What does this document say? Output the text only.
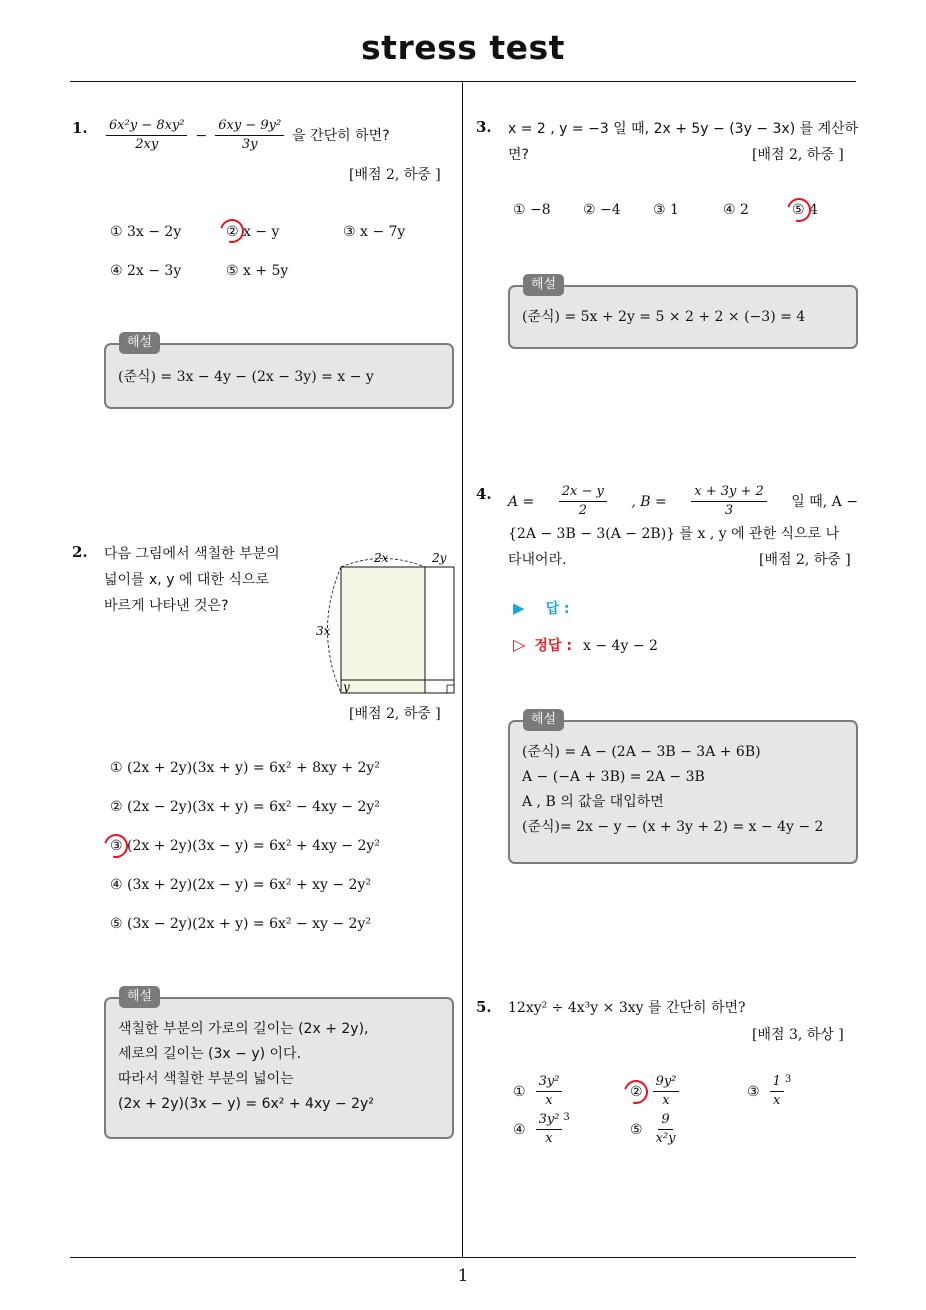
stress test
1
1. $\frac{\text{6x²y − 8xy²}}{2xy} - \frac{\text{6xy − 9y²}}{3y}$ 을 간단히 하면?
[배점 2, 하중 ]
① 3x − 2y	② x − y	③ x − 7y
④ 2x − 3y	⑤ x + 5y
(준식) = 3x − 4y − (2x − 3y) = x − y
해설
2. 다음 그림에서 색칠한 부분의
넓이를 x, y 에 대한 식으로
바르게 나타낸 것은?
2x	2y
3x
y
[배점 2, 하중 ]
① (2x + 2y)(3x + y) = 6x² + 8xy + 2y²
② (2x − 2y)(3x + y) = 6x² − 4xy − 2y²
③ (2x + 2y)(3x − y) = 6x² + 4xy − 2y²
④ (3x + 2y)(2x − y) = 6x² + xy − 2y²
⑤ (3x − 2y)(2x + y) = 6x² − xy − 2y²
색칠한 부분의 가로의 길이는 (2x + 2y),
세로의 길이는 (3x − y) 이다.
따라서 색칠한 부분의 넓이는
(2x + 2y)(3x − y) = 6x² + 4xy − 2y²
해설
3. x = 2 , y = −3 일 때, 2x + 5y − (3y − 3x) 를 계산하
면?	[배점 2, 하중 ]
① −8 ② −4 ③ 1	④ 2	⑤ 4
(준식) = 5x + 2y = 5 × 2 + 2 × (−3) = 4
해설
4. $A = \frac{2x - y}{2}$ , $B = \frac{x + 3y + 2}{3}$ 일 때, A −
{2A − 3B − 3(A − 2B)} 를 x , y 에 관한 식으로 나
타내어라.	[배점 2, 하중 ]
▶ 답 :
▷ 정답 : x − 4y − 2
(준식) = A − (2A − 3B − 3A + 6B)
A − (−A + 3B) = 2A − 3B
A , B 의 값을 대입하면
(준식)= 2x − y − (x + 3y + 2) = x − 4y − 2
해설
5. 12xy² ÷ 4x³y × 3xy 를 간단히 하면?
[배점 3, 하상 ]
① $\frac{\text{3y²}}{x}$	② $\frac{\text{9y²}}{x}$	③ $\frac{1}{x} 3$
④ $\frac{\text{3y²}}{x} 3$
⑤ $\frac{9}{\text{x²y}}$
